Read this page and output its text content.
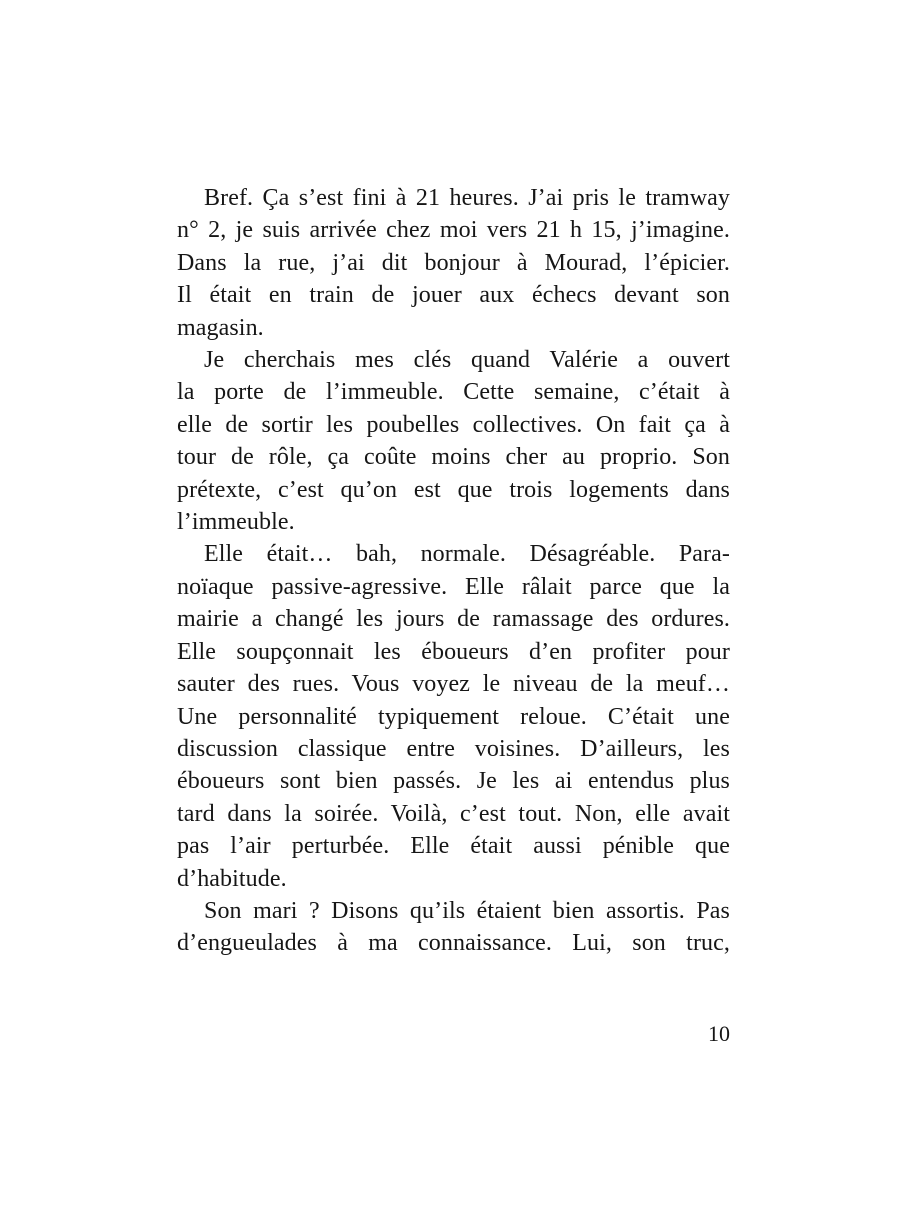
Bref. Ça s’est fini à 21 heures. J’ai pris le tramway
n° 2, je suis arrivée chez moi vers 21 h 15, j’imagine.
Dans la rue, j’ai dit bonjour à Mourad, l’épicier.
Il était en train de jouer aux échecs devant son
magasin.
Je cherchais mes clés quand Valérie a ouvert
la porte de l’immeuble. Cette semaine, c’était à
elle de sortir les poubelles collectives. On fait ça à
tour de rôle, ça coûte moins cher au proprio. Son
prétexte, c’est qu’on est que trois logements dans
l’immeuble.
Elle était… bah, normale. Désagréable. Para-
noïaque passive-agressive. Elle râlait parce que la
mairie a changé les jours de ramassage des ordures.
Elle soupçonnait les éboueurs d’en profiter pour
sauter des rues. Vous voyez le niveau de la meuf…
Une personnalité typiquement reloue. C’était une
discussion classique entre voisines. D’ailleurs, les
éboueurs sont bien passés. Je les ai entendus plus
tard dans la soirée. Voilà, c’est tout. Non, elle avait
pas l’air perturbée. Elle était aussi pénible que
d’habitude.
Son mari ? Disons qu’ils étaient bien assortis. Pas
d’engueulades à ma connaissance. Lui, son truc,
10
